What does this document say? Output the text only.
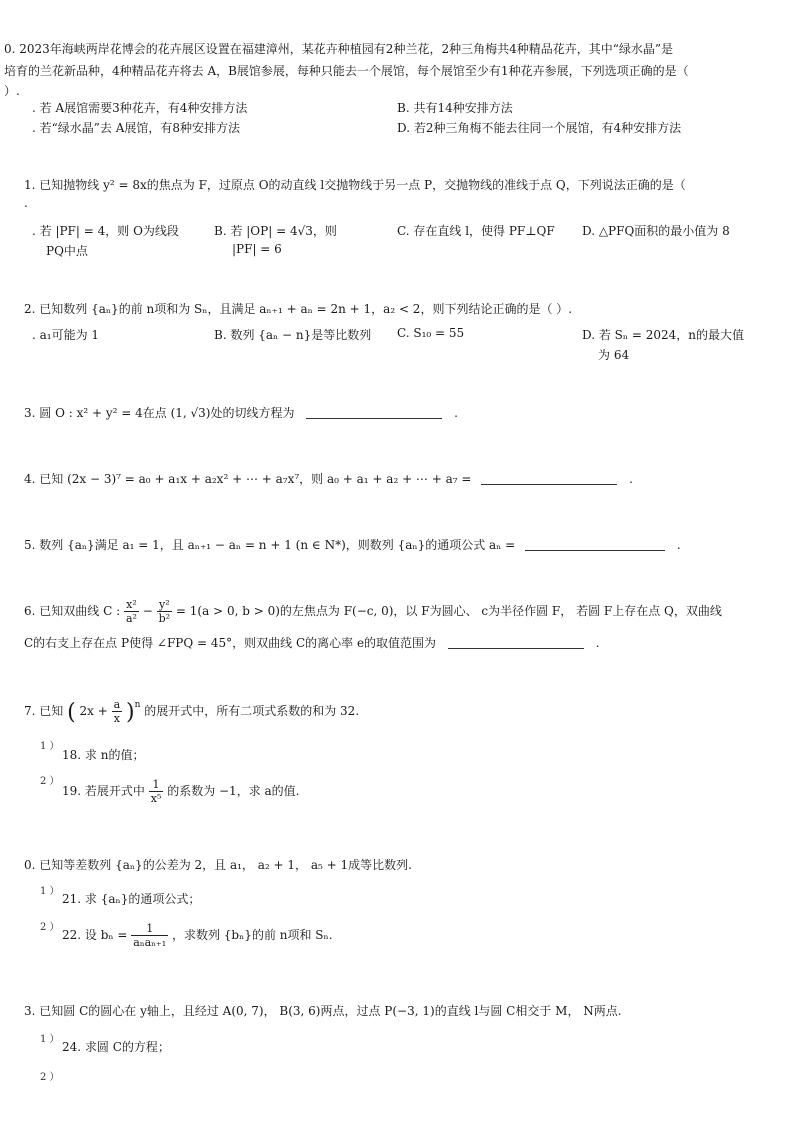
0. 2023年海峡两岸花博会的花卉展区设置在福建漳州，某花卉种植园有2种兰花，2种三角梅共4种精品花卉，其中“绿水晶”是
培育的兰花新品种，4种精品花卉将去 A，B展馆参展，每种只能去一个展馆，每个展馆至少有1种花卉参展，下列选项正确的是（
）.
. 若 A展馆需要3种花卉，有4种安排方法	B. 共有14种安排方法
. 若“绿水晶”去 A展馆，有8种安排方法	D. 若2种三角梅不能去往同一个展馆，有4种安排方法
1. 已知抛物线 y² = 8x的焦点为 F，过原点 O的动直线 l交抛物线于另一点 P，交抛物线的准线于点 Q，下列说法正确的是（
.
. 若 |PF| = 4，则 O为线段
PQ中点
B. 若 |OP| = 4√3，则
|PF| = 6
C. 存在直线 l，使得 PF⊥QF D. △PFQ面积的最小值为 8
2. 已知数列 {aₙ}的前 n项和为 Sₙ，且满足 aₙ₊₁ + aₙ = 2n + 1，a₂ < 2，则下列结论正确的是（ ）.
. a₁可能为 1	B. 数列 {aₙ − n}是等比数列 C. S₁₀ = 55	D. 若 Sₙ = 2024，n的最大值
为 64
3. 圆 O : x² + y² = 4在点 (1, √3)处的切线方程为	.
4. 已知 (2x − 3)⁷ = a₀ + a₁x + a₂x² + ⋯ + a₇x⁷，则 a₀ + a₁ + a₂ + ⋯ + a₇ =	.
5. 数列 {aₙ}满足 a₁ = 1，且 aₙ₊₁ − aₙ = n + 1 (n ∈ N*)，则数列 {aₙ}的通项公式 aₙ =	.
6. 已知双曲线 C : $\frac{\text{x²}}{\text{a²}} - \frac{\text{y²}}{\text{b²}} = 1(a > 0$, b > 0)的左焦点为 F(−c, 0)，以 F为圆心、 c为半径作圆 F， 若圆 F上存在点 Q，双曲线
C的右支上存在点 P使得 ∠FPQ = 45°，则双曲线 C的离心率 e的取值范围为	.
7. 已知 ( $2x + \frac{a}{x} )^n$ 的展开式中，所有二项式系数的和为 32.
1 ）
18. 求 n的值；
2 ）
19. 若展开式中 $\frac{1}{\text{x⁵}}$ 的系数为 −1，求 a的值.
0. 已知等差数列 {aₙ}的公差为 2，且 a₁， a₂ + 1， a₅ + 1成等比数列.
1 ）
21. 求 {aₙ}的通项公式；
2 ）
22. 设 $b_n = \frac{1}{\text{aₙaₙ₊₁}}$ ，求数列 {bₙ}的前 n项和 Sₙ.
3. 已知圆 C的圆心在 y轴上，且经过 A(0, 7)， B(3, 6)两点，过点 P(−3, 1)的直线 l与圆 C相交于 M， N两点.
1 ）
24. 求圆 C的方程；
2 ）
